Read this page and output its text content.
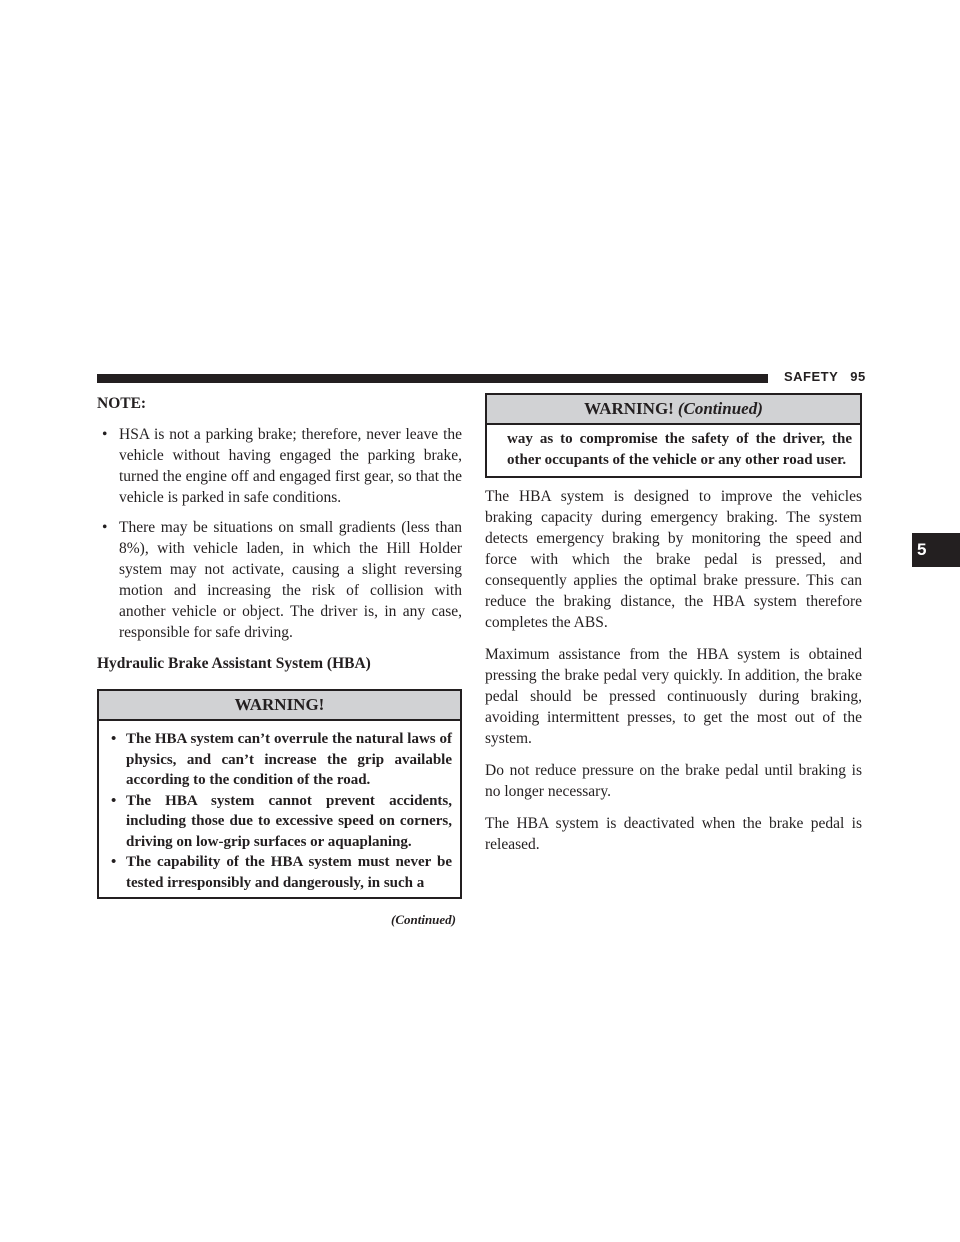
SAFETY 95
5

NOTE:

• HSA is not a parking brake; therefore, never leave the vehicle without having engaged the parking brake, turned the engine off and engaged first gear, so that the vehicle is parked in safe conditions.
• There may be situations on small gradients (less than 8%), with vehicle laden, in which the Hill Holder system may not activate, causing a slight reversing motion and increasing the risk of collision with another vehicle or object. The driver is, in any case, responsible for safe driving.

Hydraulic Brake Assistant System (HBA)

WARNING!
• The HBA system can’t overrule the natural laws of physics, and can’t increase the grip available according to the condition of the road.
• The HBA system cannot prevent accidents, including those due to excessive speed on corners, driving on low-grip surfaces or aquaplaning.
• The capability of the HBA system must never be tested irresponsibly and dangerously, in such a
(Continued)
WARNING! (Continued)

way as to compromise the safety of the driver, the other occupants of the vehicle or any other road user.

The HBA system is designed to improve the vehicles braking capacity during emergency braking. The system detects emergency braking by monitoring the speed and force with which the brake pedal is pressed, and consequently applies the optimal brake pressure. This can reduce the braking distance, the HBA system therefore completes the ABS.

Maximum assistance from the HBA system is obtained pressing the brake pedal very quickly. In addition, the brake pedal should be pressed continuously during braking, avoiding intermittent presses, to get the most out of the system.

Do not reduce pressure on the brake pedal until braking is no longer necessary.

The HBA system is deactivated when the brake pedal is released.
